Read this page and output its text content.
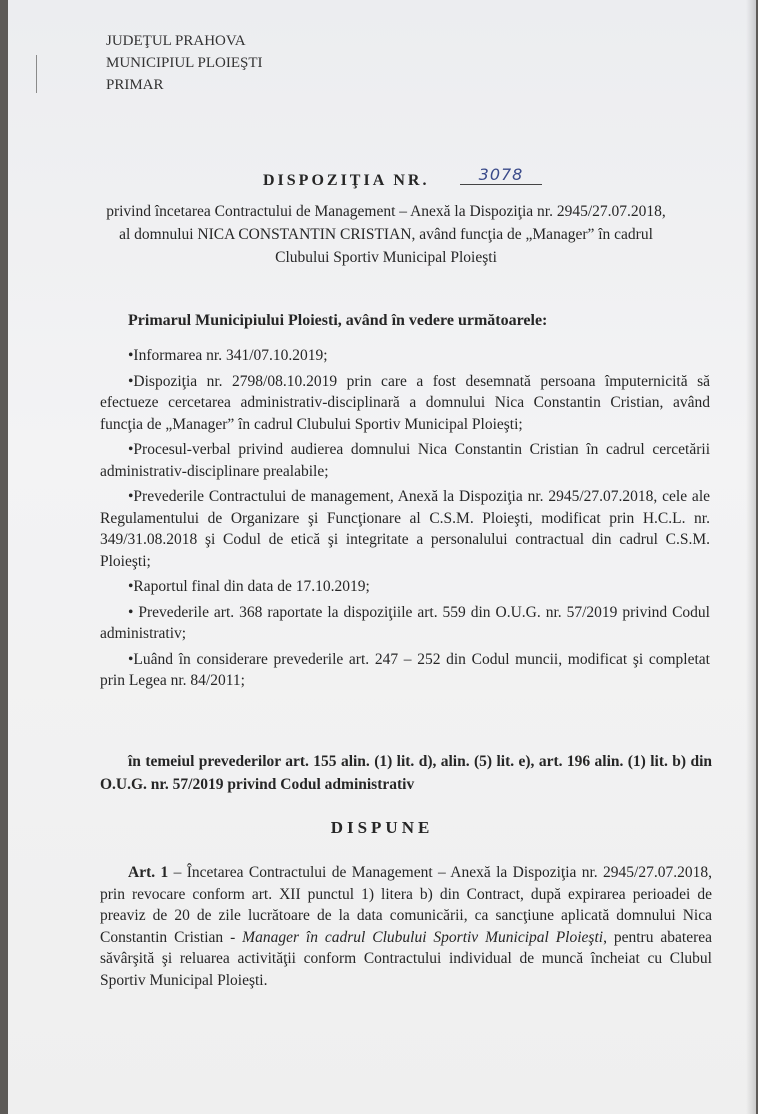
JUDEŢUL PRAHOVA
MUNICIPIUL PLOIEŞTI
PRIMAR
DISPOZIŢIA NR.	3078
privind încetarea Contractului de Management – Anexă la Dispoziţia nr. 2945/27.07.2018, al domnului NICA CONSTANTIN CRISTIAN, având funcţia de „Manager” în cadrul Clubului Sportiv Municipal Ploieşti
Primarul Municipiului Ploiesti, având în vedere următoarele:

•Informarea nr. 341/07.10.2019;

•Dispoziţia nr. 2798/08.10.2019 prin care a fost desemnată persoana împuternicită să efectueze cercetarea administrativ-disciplinară a domnului Nica Constantin Cristian, având funcţia de „Manager” în cadrul Clubului Sportiv Municipal Ploieşti;

•Procesul-verbal privind audierea domnului Nica Constantin Cristian în cadrul cercetării administrativ-disciplinare prealabile;

•Prevederile Contractului de management, Anexă la Dispoziţia nr. 2945/27.07.2018, cele ale Regulamentului de Organizare şi Funcţionare al C.S.M. Ploieşti, modificat prin H.C.L. nr. 349/31.08.2018 şi Codul de etică şi integritate a personalului contractual din cadrul C.S.M. Ploieşti;

•Raportul final din data de 17.10.2019;

• Prevederile art. 368 raportate la dispoziţiile art. 559 din O.U.G. nr. 57/2019 privind Codul administrativ;

•Luând în considerare prevederile art. 247 – 252 din Codul muncii, modificat şi completat prin Legea nr. 84/2011;

în temeiul prevederilor art. 155 alin. (1) lit. d), alin. (5) lit. e), art. 196 alin. (1) lit. b) din O.U.G. nr. 57/2019 privind Codul administrativ
DISPUNE
Art. 1 – Încetarea Contractului de Management – Anexă la Dispoziţia nr. 2945/27.07.2018, prin revocare conform art. XII punctul 1) litera b) din Contract, după expirarea perioadei de preaviz de 20 de zile lucrătoare de la data comunicării, ca sancţiune aplicată domnului Nica Constantin Cristian - Manager în cadrul Clubului Sportiv Municipal Ploieşti, pentru abaterea săvârşită şi reluarea activităţii conform Contractului individual de muncă încheiat cu Clubul Sportiv Municipal Ploieşti.
